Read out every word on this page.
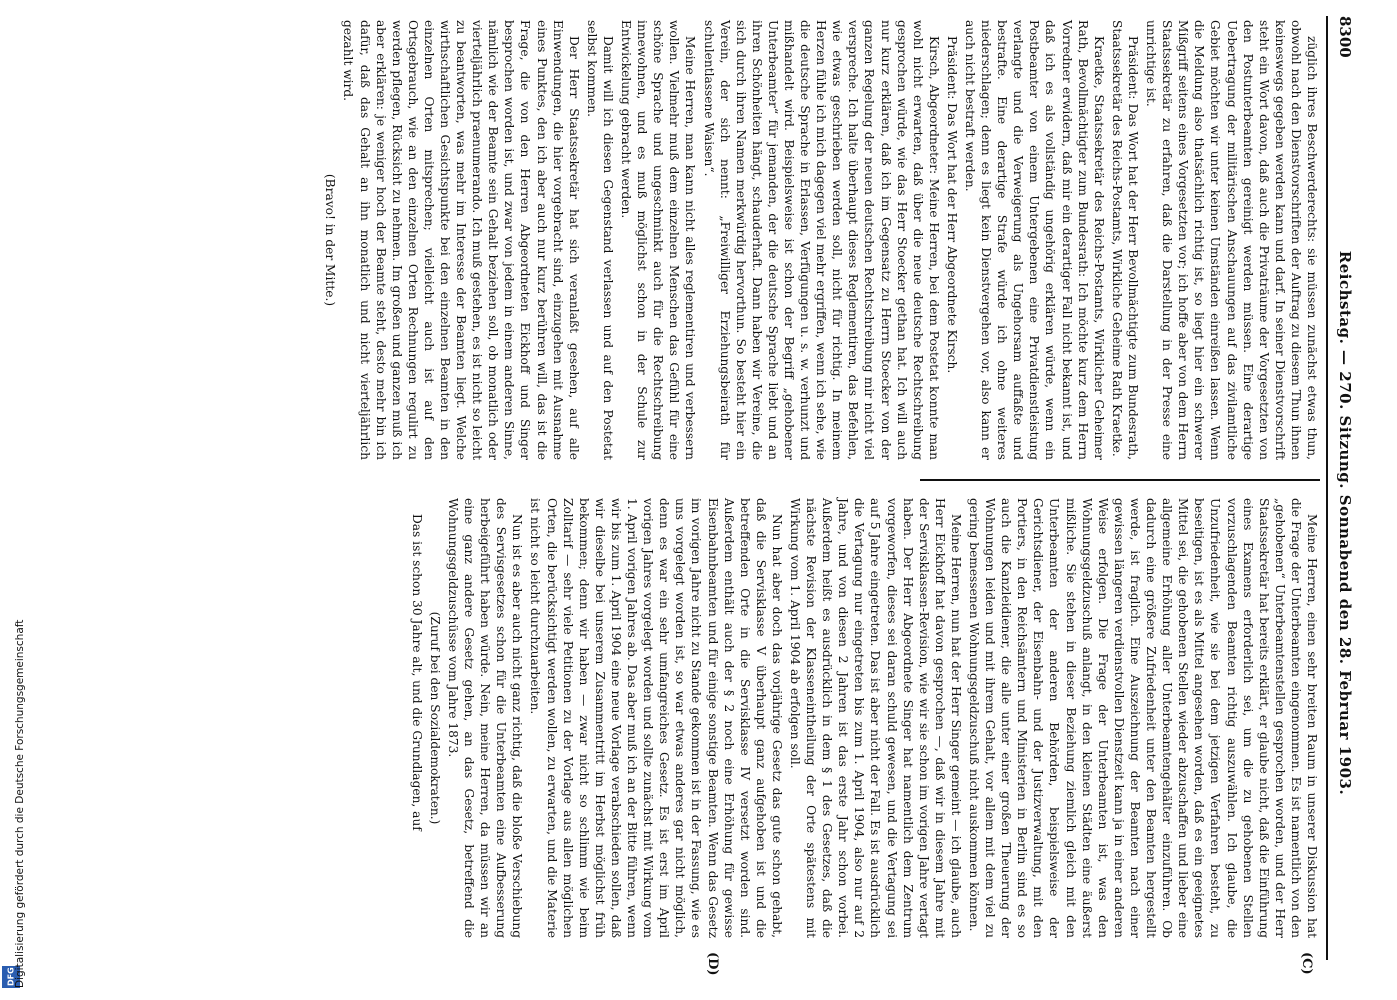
DFG
Digitalisierung gefördert durch die Deutsche Forschungsgemeinschaft
8300
Reichstag. — 270. Sitzung. Sonnabend den 28. Februar 1903.
(C)
(D)

züglich ihres Beschwerderechts: sie müssen zunächst etwas thun, obwohl nach den Dienstvorschriften der Auftrag zu diesem Thun ihnen keineswegs gegeben werden kann und darf. In seiner Dienstvorschrift steht ein Wort davon, daß auch die Privaträume der Vorgesetzten von den Postunterbeamten gereinigt werden müssen. Eine derartige Uebertragung der militärischen Anschauungen auf das zivilamtliche Gebiet möchten wir unter keinen Umständen einreißen lassen. Wenn die Meldung also thatsächlich richtig ist, so liegt hier ein schwerer Mißgriff seitens eines Vorgesetzten vor; ich hoffe aber von dem Herrn Staatssekretär zu erfahren, daß die Darstellung in der Presse eine unrichtige ist.

Präsident: Das Wort hat der Herr Bevollmächtigte zum Bundesrath, Staatssekretär des Reichs-Postamts, Wirkliche Geheime Rath Kraetke.

Kraetke, Staatssekretär des Reichs-Postamts, Wirklicher Geheimer Rath, Bevollmächtigter zum Bundesrath: Ich möchte kurz dem Herrn Vorredner erwidern, daß mir ein derartiger Fall nicht bekannt ist, und daß ich es als vollständig ungehörig erklären würde, wenn ein Postbeamter von einem Untergebenen eine Privatdienstleistung verlangte und die Verweigerung als Ungehorsam auffaßte und bestrafte. Eine derartige Strafe würde ich ohne weiteres niederschlagen; denn es liegt kein Dienstvergehen vor, also kann er auch nicht bestraft werden.

Präsident: Das Wort hat der Herr Abgeordnete Kirsch.

Kirsch, Abgeordneter: Meine Herren, bei dem Postetat konnte man wohl nicht erwarten, daß über die neue deutsche Rechtschreibung gesprochen würde, wie das Herr Stoecker gethan hat. Ich will auch nur kurz erklären, daß ich im Gegensatz zu Herrn Stoecker von der ganzen Regelung der neuen deutschen Rechtschreibung mir nicht viel verspreche. Ich halte überhaupt dieses Reglementiren, das Befehlen, wie etwas geschrieben werden soll, nicht für richtig. In meinem Herzen fühle ich mich dagegen viel mehr ergriffen, wenn ich sehe, wie die deutsche Sprache in Erlassen, Verfügungen u. s. w. verhunzt und mißhandelt wird. Beispielsweise ist schon der Begriff „gehobener Unterbeamter“ für jemanden, der die deutsche Sprache liebt und an ihren Schönheiten hängt, schauderhaft. Dann haben wir Vereine, die sich durch ihren Namen merkwürdig hervorthun. So besteht hier ein Verein, der sich nennt: „Freiwilliger Erziehungsbeirath für schulentlassene Waisen“.

Meine Herren, man kann nicht alles reglementiren und verbessern wollen. Vielmehr muß dem einzelnen Menschen das Gefühl für eine schöne Sprache und ungeschminkt auch für die Rechtschreibung innewohnen, und es muß möglichst schon in der Schule zur Entwickelung gebracht werden.

Damit will ich diesen Gegenstand verlassen und auf den Postetat selbst kommen.

Der Herr Staatssekretär hat sich veranlaßt gesehen, auf alle Einwendungen, die hier vorgebracht sind, einzugehen mit Ausnahme eines Punktes, den ich aber auch nur kurz berühren will, das ist die Frage, die von den Herren Abgeordneten Eickhoff und Singer besprochen worden ist, und zwar von jedem in einem anderen Sinne, nämlich wie der Beamte sein Gehalt beziehen soll, ob monatlich oder vierteljährlich praenumerando. Ich muß gestehen, es ist nicht so leicht zu beantworten, was mehr im Interesse der Beamten liegt. Welche wirthschaftlichen Gesichtspunkte bei den einzelnen Beamten in den einzelnen Orten mitsprechen; vielleicht auch ist auf den Ortsgebrauch, wie an den einzelnen Orten Rechnungen regulirt zu werden pflegen, Rücksicht zu nehmen. Im großen und ganzen muß ich aber erklären: je weniger hoch der Beamte steht, desto mehr bin ich dafür, daß das Gehalt an ihn monatlich und nicht vierteljährlich gezahlt wird.

(Bravo! in der Mitte.)

Meine Herren, einen sehr breiten Raum in unserer Diskussion hat die Frage der Unterbeamten eingenommen. Es ist namentlich von den „gehobenen“ Unterbeamtenstellen gesprochen worden, und der Herr Staatssekretär hat bereits erklärt, er glaube nicht, daß die Einführung eines Examens erforderlich sei, um die zu gehobenen Stellen vorzuschlagenden Beamten richtig auszuwählen. Ich glaube, die Unzufriedenheit, wie sie bei dem jetzigen Verfahren besteht, zu beseitigen, ist es als Mittel angesehen worden, daß es ein geeignetes Mittel sei, die gehobenen Stellen wieder abzuschaffen und lieber eine allgemeine Erhöhung aller Unterbeamtengehälter einzuführen. Ob dadurch eine größere Zufriedenheit unter den Beamten hergestellt werde, ist fraglich. Eine Auszeichnung der Beamten nach einer gewissen längeren verdienstvollen Dienstzeit kann ja in einer anderen Weise erfolgen. Die Frage der Unterbeamten ist, was den Wohnungsgeldzuschuß anlangt, in den kleinen Städten eine äußerst mißliche. Sie stehen in dieser Beziehung ziemlich gleich mit den Unterbeamten der anderen Behörden, beispielsweise der Gerichtsdiener, der Eisenbahn- und der Justizverwaltung, mit den Portiers, in den Reichsämtern und Ministerien in Berlin sind es so auch die Kanzleidiener, die alle unter einer großen Theuerung der Wohnungen leiden und mit ihrem Gehalt, vor allem mit dem viel zu gering bemessenen Wohnungsgeldzuschuß nicht auskommen können.

Meine Herren, nun hat der Herr Singer gemeint — ich glaube, auch Herr Eickhoff hat davon gesprochen —, daß wir in diesem Jahre mit der Servisklassen-Revision, wie wir sie schon im vorigen Jahre vertagt haben. Der Herr Abgeordnete Singer hat namentlich dem Zentrum vorgeworfen, dieses sei daran schuld gewesen, und die Vertagung sei auf 5 Jahre eingetreten. Das ist aber nicht der Fall. Es ist ausdrücklich die Vertagung nur eingetreten bis zum 1. April 1904, also nur auf 2 Jahre, und von diesen 2 Jahren ist das erste Jahr schon vorbei. Außerdem heißt es ausdrücklich in dem § 1 des Gesetzes, daß die nächste Revision der Klasseneintheilung der Orte spätestens mit Wirkung vom 1. April 1904 ab erfolgen soll.

Nun hat aber doch das vorjährige Gesetz das gute schon gehabt, daß die Servisklasse V überhaupt ganz aufgehoben ist und die betreffenden Orte in die Servisklasse IV versetzt worden sind. Außerdem enthält auch der § 2 noch eine Erhöhung für gewisse Eisenbahnbeamten und für einige sonstige Beamten. Wenn das Gesetz im vorigen Jahre nicht zu Stande gekommen ist in der Fassung, wie es uns vorgelegt worden ist, so war etwas anderes gar nicht möglich, denn es war ein sehr umfangreiches Gesetz. Es ist erst im April vorigen Jahres vorgelegt worden und sollte zunächst mit Wirkung vom 1. April vorigen Jahres ab. Das aber muß ich an der Bitte führen, wenn wir bis zum 1. April 1904 eine neue Vorlage verabschieden sollen, daß wir dieselbe bei unserem Zusammentritt im Herbst möglichst früh bekommen; denn wir haben — zwar nicht so schlimm wie beim Zolltarif — sehr viele Petitionen zu der Vorlage aus allen möglichen Orten, die berücksichtigt werden wollen, zu erwarten, und die Materie ist nicht so leicht durchzuarbeiten.

Nun ist es aber auch nicht ganz richtig, daß die bloße Verschiebung des Servisgesetzes schon für die Unterbeamten eine Aufbesserung herbeigeführt haben würde. Nein, meine Herren, da müssen wir an eine ganz andere Gesetz gehen, an das Gesetz, betreffend die Wohnungsgeldzuschüsse vom Jahre 1873.

(Zuruf bei den Sozialdemokraten.)

Das ist schon 30 Jahre alt, und die Grundlagen, auf
